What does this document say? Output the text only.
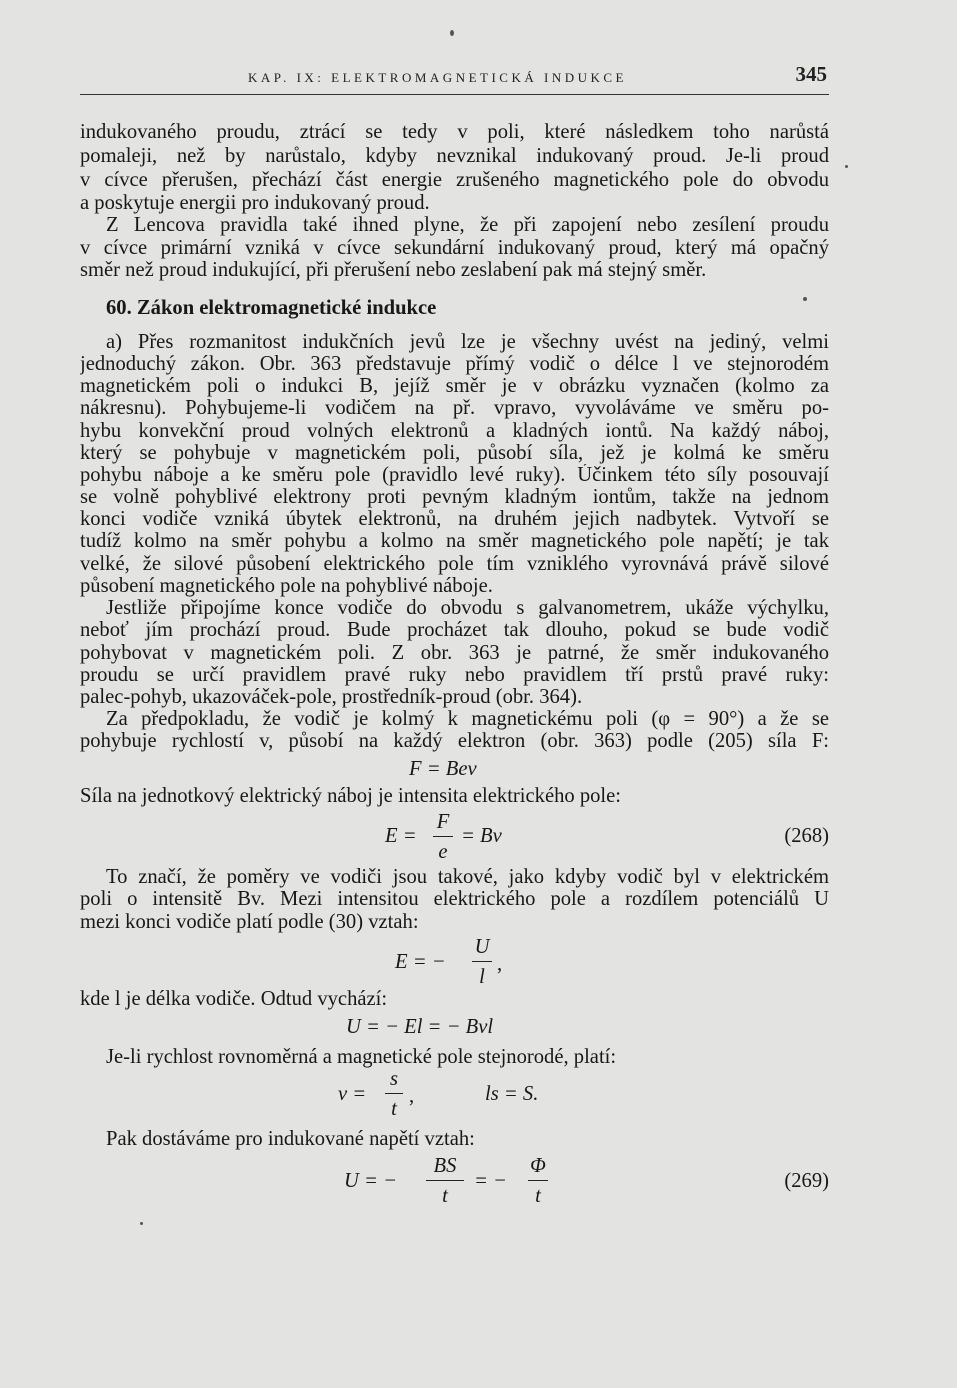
KAP. IX: ELEKTROMAGNETICKÁ INDUKCE	345
indukovaného proudu, ztrácí se tedy v poli, které následkem toho narůstá
pomaleji, než by narůstalo, kdyby nevznikal indukovaný proud. Je-li proud
v cívce přerušen, přechází část energie zrušeného magnetického pole do obvodu
a poskytuje energii pro indukovaný proud.
Z Lencova pravidla také ihned plyne, že při zapojení nebo zesílení proudu
v cívce primární vzniká v cívce sekundární indukovaný proud, který má opačný
směr než proud indukující, při přerušení nebo zeslabení pak má stejný směr.
60. Zákon elektromagnetické indukce
a) Přes rozmanitost indukčních jevů lze je všechny uvést na jediný, velmi
jednoduchý zákon. Obr. 363 představuje přímý vodič o délce l ve stejnorodém
magnetickém poli o indukci B, jejíž směr je v obrázku vyznačen (kolmo za
nákresnu). Pohybujeme-li vodičem na př. vpravo, vyvoláváme ve směru po-
hybu konvekční proud volných elektronů a kladných iontů. Na každý náboj,
který se pohybuje v magnetickém poli, působí síla, jež je kolmá ke směru
pohybu náboje a ke směru pole (pravidlo levé ruky). Účinkem této síly posouvají
se volně pohyblivé elektrony proti pevným kladným iontům, takže na jednom
konci vodiče vzniká úbytek elektronů, na druhém jejich nadbytek. Vytvoří se
tudíž kolmo na směr pohybu a kolmo na směr magnetického pole napětí; je tak
velké, že silové působení elektrického pole tím vzniklého vyrovnává právě silové
působení magnetického pole na pohyblivé náboje.
Jestliže připojíme konce vodiče do obvodu s galvanometrem, ukáže výchylku,
neboť jím prochází proud. Bude procházet tak dlouho, pokud se bude vodič
pohybovat v magnetickém poli. Z obr. 363 je patrné, že směr indukovaného
proudu se určí pravidlem pravé ruky nebo pravidlem tří prstů pravé ruky:
palec-pohyb, ukazováček-pole, prostředník-proud (obr. 364).
Za předpokladu, že vodič je kolmý k magnetickému poli (φ = 90°) a že se
pohybuje rychlostí v, působí na každý elektron (obr. 363) podle (205) síla F:
F = Bev
Síla na jednotkový elektrický náboj je intensita elektrického pole:
E =
F
e
= Bv	(268)
To značí, že poměry ve vodiči jsou takové, jako kdyby vodič byl v elektrickém
poli o intensitě Bv. Mezi intensitou elektrického pole a rozdílem potenciálů U
mezi konci vodiče platí podle (30) vztah:
E = −
U
l
,
kde l je délka vodiče. Odtud vychází:
U = − El = − Bvl
Je-li rychlost rovnoměrná a magnetické pole stejnorodé, platí:
v =
s
t
,	ls = S.
Pak dostáváme pro indukované napětí vztah:
U = −
BS
t
= −
Φ
t
(269)
